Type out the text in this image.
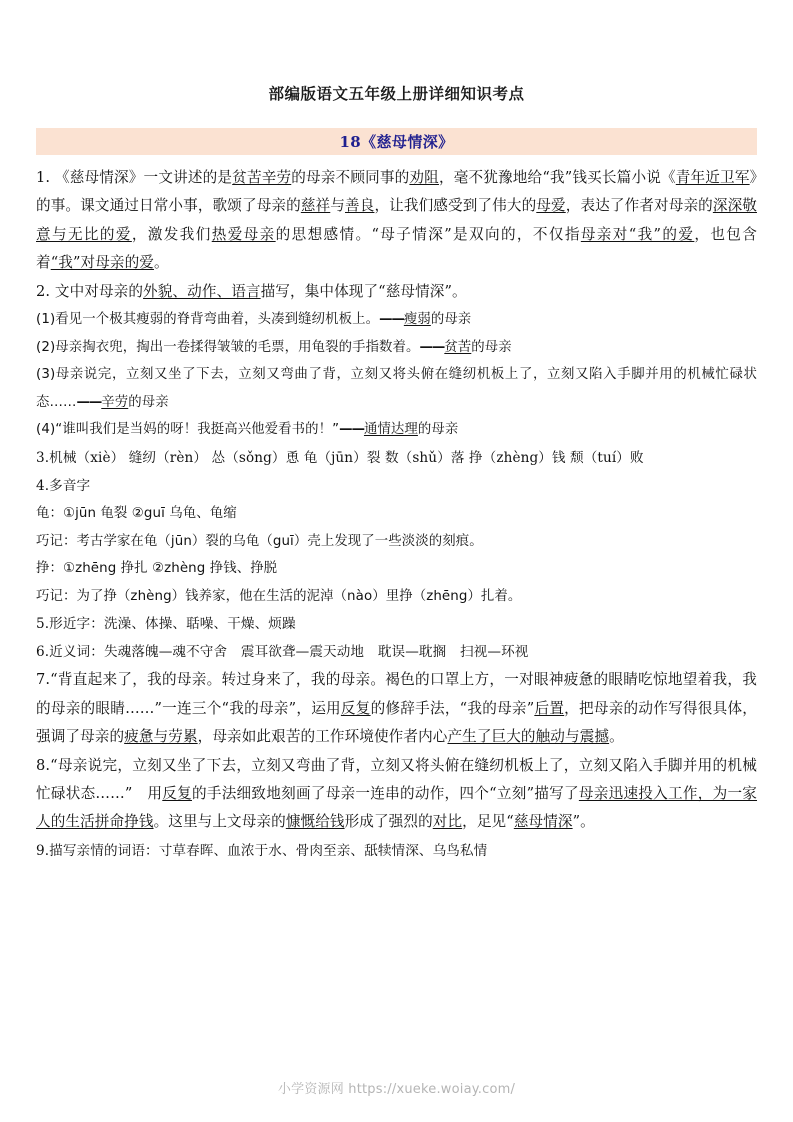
部编版语文五年级上册详细知识考点
18《慈母情深》

1. 《慈母情深》一文讲述的是贫苦辛劳的母亲不顾同事的劝阻，毫不犹豫地给“我”钱买长篇小说《青年近卫军》的事。课文通过日常小事，歌颂了母亲的慈祥与善良，让我们感受到了伟大的母爱，表达了作者对母亲的深深敬意与无比的爱，激发我们热爱母亲的思想感情。“母子情深”是双向的，不仅指母亲对“我”的爱，也包含着“我”对母亲的爱。

2. 文中对母亲的外貌、动作、语言描写，集中体现了“慈母情深”。

(1)看见一个极其瘦弱的脊背弯曲着，头凑到缝纫机板上。——瘦弱的母亲

(2)母亲掏衣兜，掏出一卷揉得皱皱的毛票，用龟裂的手指数着。——贫苦的母亲

(3)母亲说完，立刻又坐了下去，立刻又弯曲了背，立刻又将头俯在缝纫机板上了，立刻又陷入手脚并用的机械忙碌状态……——辛劳的母亲

(4)“谁叫我们是当妈的呀！我挺高兴他爱看书的！”——通情达理的母亲

3.机械（xiè） 缝纫（rèn） 怂（sǒng）恿 龟（jūn）裂 数（shǔ）落 挣（zhèng）钱 颓（tuí）败

4.多音字

龟：①jūn 龟裂 ②guī 乌龟、龟缩

巧记：考古学家在龟（jūn）裂的乌龟（guī）壳上发现了一些淡淡的刻痕。

挣：①zhēng 挣扎 ②zhèng 挣钱、挣脱

巧记：为了挣（zhèng）钱养家，他在生活的泥淖（nào）里挣（zhēng）扎着。

5.形近字：洗澡、体操、聒噪、干燥、烦躁

6.近义词：失魂落魄—魂不守舍　震耳欲聋—震天动地　耽误—耽搁　扫视—环视

7.“背直起来了，我的母亲。转过身来了，我的母亲。褐色的口罩上方，一对眼神疲惫的眼睛吃惊地望着我，我的母亲的眼睛……”一连三个“我的母亲”，运用反复的修辞手法，“我的母亲”后置，把母亲的动作写得很具体，强调了母亲的疲惫与劳累，母亲如此艰苦的工作环境使作者内心产生了巨大的触动与震撼。

8.“母亲说完，立刻又坐了下去，立刻又弯曲了背，立刻又将头俯在缝纫机板上了，立刻又陷入手脚并用的机械忙碌状态……”　用反复的手法细致地刻画了母亲一连串的动作，四个“立刻”描写了母亲迅速投入工作，为一家人的生活拼命挣钱。这里与上文母亲的慷慨给钱形成了强烈的对比，足见“慈母情深”。

9.描写亲情的词语：寸草春晖、血浓于水、骨肉至亲、舐犊情深、乌鸟私情

小学资源网 https://xueke.woiay.com/
